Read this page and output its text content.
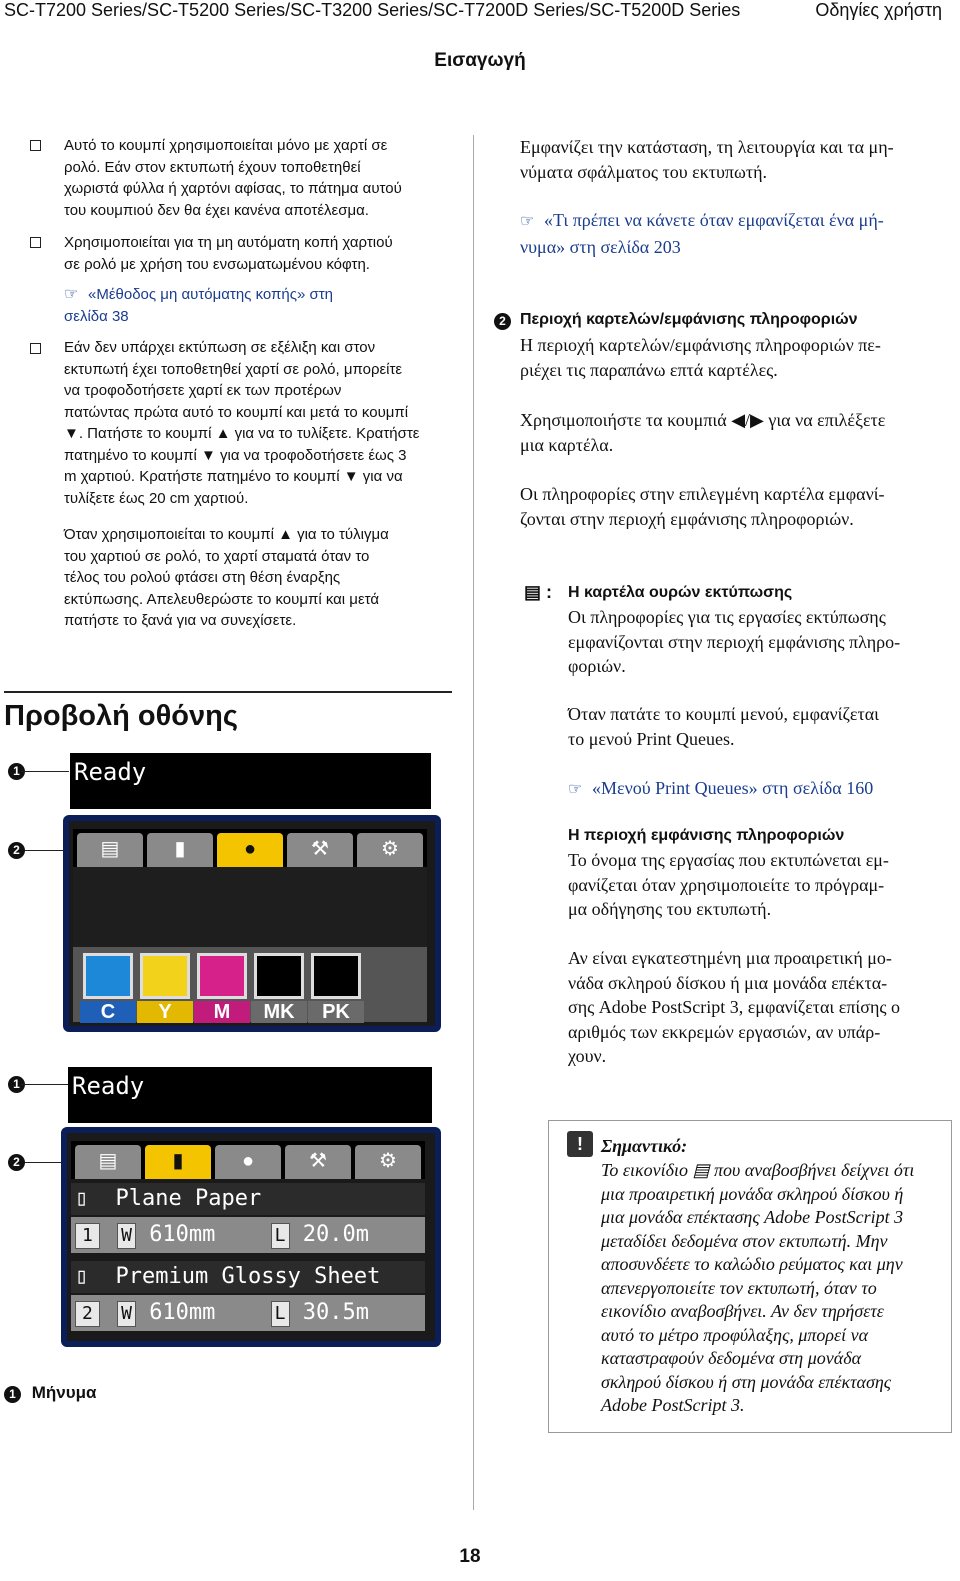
SC-T7200 Series/SC-T5200 Series/SC-T3200 Series/SC-T7200D Series/SC-T5200D Series	Οδηγίες χρήστη
Εισαγωγή
Αυτό το κουμπί χρησιμοποιείται μόνο με χαρτί σε
ρολό. Εάν στον εκτυπωτή έχουν τοποθετηθεί
χωριστά φύλλα ή χαρτόνι αφίσας, το πάτημα αυτού
του κουμπιού δεν θα έχει κανένα αποτέλεσμα.
Χρησιμοποιείται για τη μη αυτόματη κοπή χαρτιού
σε ρολό με χρήση του ενσωματωμένου κόφτη.
☞ «Μέθοδος μη αυτόματης κοπής» στη
σελίδα 38
Εάν δεν υπάρχει εκτύπωση σε εξέλιξη και στον
εκτυπωτή έχει τοποθετηθεί χαρτί σε ρολό, μπορείτε
να τροφοδοτήσετε χαρτί εκ των προτέρων
πατώντας πρώτα αυτό το κουμπί και μετά το κουμπί
▼. Πατήστε το κουμπί ▲ για να το τυλίξετε. Κρατήστε
πατημένο το κουμπί ▼ για να τροφοδοτήσετε έως 3
m χαρτιού. Κρατήστε πατημένο το κουμπί ▼ για να
τυλίξετε έως 20 cm χαρτιού.
Όταν χρησιμοποιείται το κουμπί ▲ για το τύλιγμα
του χαρτιού σε ρολό, το χαρτί σταματά όταν το
τέλος του ρολού φτάσει στη θέση έναρξης
εκτύπωσης. Απελευθερώστε το κουμπί και μετά
πατήστε το ξανά για να συνεχίσετε.
Προβολή οθόνης
1 Ready
2	▤	▮	●	⚒	⚙
C	Y	M	MK	PK
1 Ready
2	▤	▮	●	⚒	⚙
▯ Plane Paper
1 W 610mm	L 20.0m
▯ Premium Glossy Sheet
2 W 610mm	L 30.5m
1 Μήνυμα
Εμφανίζει την κατάσταση, τη λειτουργία και τα μη-
νύματα σφάλματος του εκτυπωτή.
☞ «Τι πρέπει να κάνετε όταν εμφανίζεται ένα μή-
νυμα» στη σελίδα 203
2 Περιοχή καρτελών/εμφάνισης πληροφοριών
Η περιοχή καρτελών/εμφάνισης πληροφοριών πε-
ριέχει τις παραπάνω επτά καρτέλες.
Χρησιμοποιήστε τα κουμπιά ◀/▶ για να επιλέξετε
μια καρτέλα.
Οι πληροφορίες στην επιλεγμένη καρτέλα εμφανί-
ζονται στην περιοχή εμφάνισης πληροφοριών.
▤ : Η καρτέλα ουρών εκτύπωσης
Οι πληροφορίες για τις εργασίες εκτύπωσης
εμφανίζονται στην περιοχή εμφάνισης πληρο-
φοριών.
Όταν πατάτε το κουμπί μενού, εμφανίζεται
το μενού Print Queues.
☞ «Μενού Print Queues» στη σελίδα 160
Η περιοχή εμφάνισης πληροφοριών
Το όνομα της εργασίας που εκτυπώνεται εμ-
φανίζεται όταν χρησιμοποιείτε το πρόγραμ-
μα οδήγησης του εκτυπωτή.
Αν είναι εγκατεστημένη μια προαιρετική μο-
νάδα σκληρού δίσκου ή μια μονάδα επέκτα-
σης Adobe PostScript 3, εμφανίζεται επίσης ο
αριθμός των εκκρεμών εργασιών, αν υπάρ-
χουν.
!	Σημαντικό:
Το εικονίδιο ▤ που αναβοσβήνει δείχνει ότι
μια προαιρετική μονάδα σκληρού δίσκου ή
μια μονάδα επέκτασης Adobe PostScript 3
μεταδίδει δεδομένα στον εκτυπωτή. Μην
αποσυνδέετε το καλώδιο ρεύματος και μην
απενεργοποιείτε τον εκτυπωτή, όταν το
εικονίδιο αναβοσβήνει. Αν δεν τηρήσετε
αυτό το μέτρο προφύλαξης, μπορεί να
καταστραφούν δεδομένα στη μονάδα
σκληρού δίσκου ή στη μονάδα επέκτασης
Adobe PostScript 3.
18
